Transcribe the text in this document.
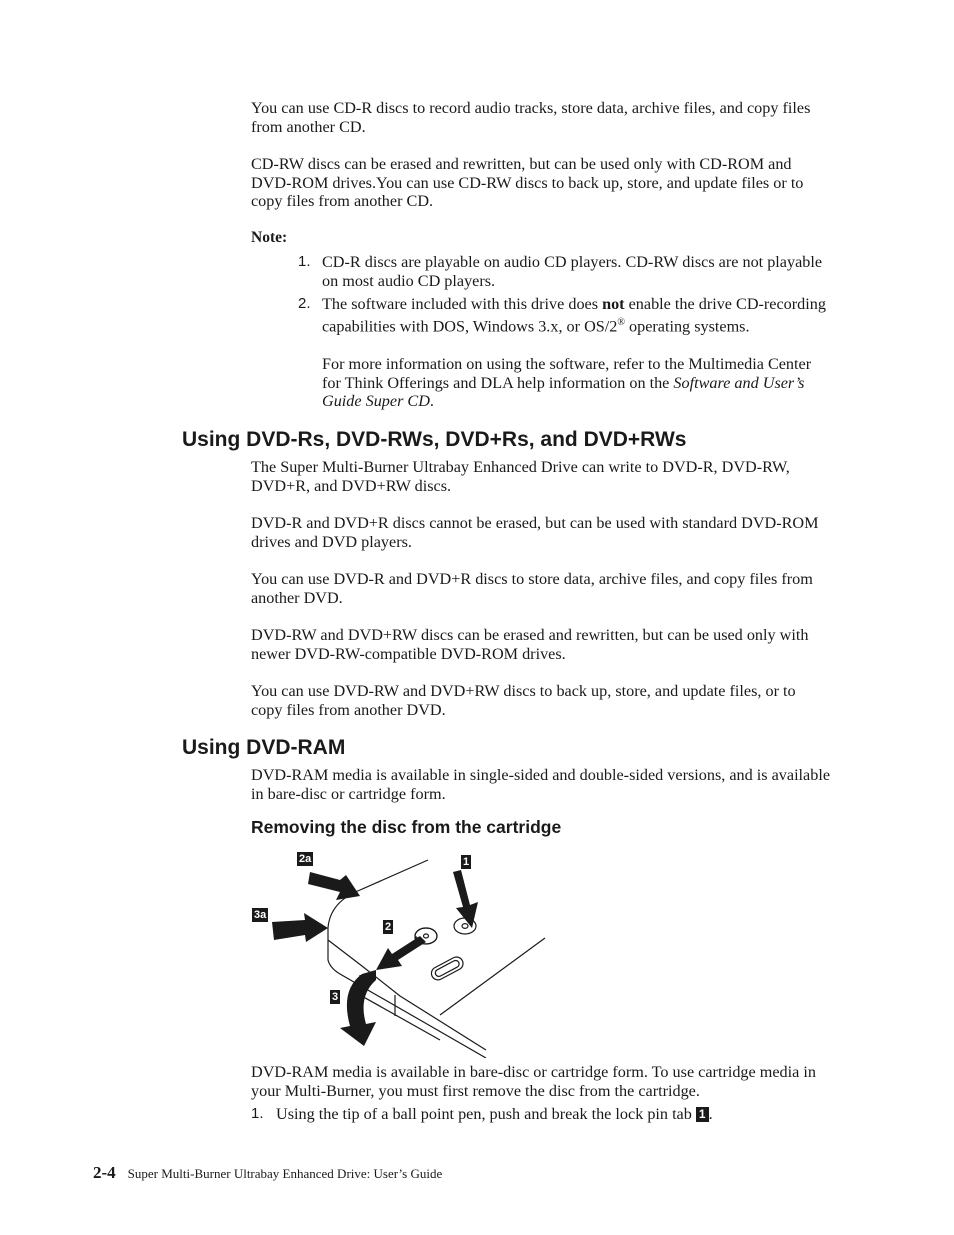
You can use CD-R discs to record audio tracks, store data, archive files, and copy files from another CD.

CD-RW discs can be erased and rewritten, but can be used only with CD-ROM and DVD-ROM drives.You can use CD-RW discs to back up, store, and update files or to copy files from another CD.

Note:
1. CD-R discs are playable on audio CD players. CD-RW discs are not playable on most audio CD players.

2. The software included with this drive does not enable the drive CD-recording capabilities with DOS, Windows 3.x, or OS/2® operating systems.

For more information on using the software, refer to the Multimedia Center for Think Offerings and DLA help information on the Software and User’s Guide Super CD.

Using DVD-Rs, DVD-RWs, DVD+Rs, and DVD+RWs

The Super Multi-Burner Ultrabay Enhanced Drive can write to DVD-R, DVD-RW, DVD+R, and DVD+RW discs.

DVD-R and DVD+R discs cannot be erased, but can be used with standard DVD-ROM drives and DVD players.

You can use DVD-R and DVD+R discs to store data, archive files, and copy files from another DVD.

DVD-RW and DVD+RW discs can be erased and rewritten, but can be used only with newer DVD-RW-compatible DVD-ROM drives.

You can use DVD-RW and DVD+RW discs to back up, store, and update files, or to copy files from another DVD.

Using DVD-RAM

DVD-RAM media is available in single-sided and double-sided versions, and is available in bare-disc or cartridge form.

Removing the disc from the cartridge
2a	1
3a
2
3

DVD-RAM media is available in bare-disc or cartridge form. To use cartridge media in your Multi-Burner, you must first remove the disc from the cartridge.

1. Using the tip of a ball point pen, push and break the lock pin tab 1 .

2-4 Super Multi-Burner Ultrabay Enhanced Drive: User’s Guide
